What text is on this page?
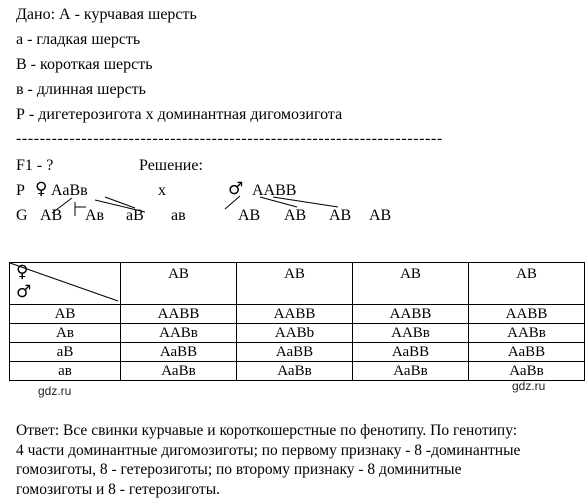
Дано: А - курчавая шерсть
а - гладкая шерсть
В - короткая шерсть
в - длинная шерсть
Р - дигетерозигота х доминантная дигомозигота
------------------------------------------------------------------------
F1 - ?	Решение:
Р ♀ АаВв	х	♂ ААВВ
G АВ Ав аВ ав	АВ АВ АВ АВ
♀
♂	АВ	АВ	АВ	АВ
АВ	ААВВ	ААВВ	ААВВ	ААВВ
Ав	ААВв	ААВb	ААВв	ААВв
аВ	АаВВ	АаВВ	АаВВ	АаВВ
ав	АаВв	АаВв	АаВв	АаВв
gdz.ru	gdz.ru

Ответ: Все свинки курчавые и короткошерстные по фенотипу. По генотипу:

4 части доминантные дигомозиготы; по первому признаку - 8 -доминантные

гомозиготы, 8 - гетерозиготы; по второму признаку - 8 доминитные

гомозиготы и 8 - гетерозиготы.
